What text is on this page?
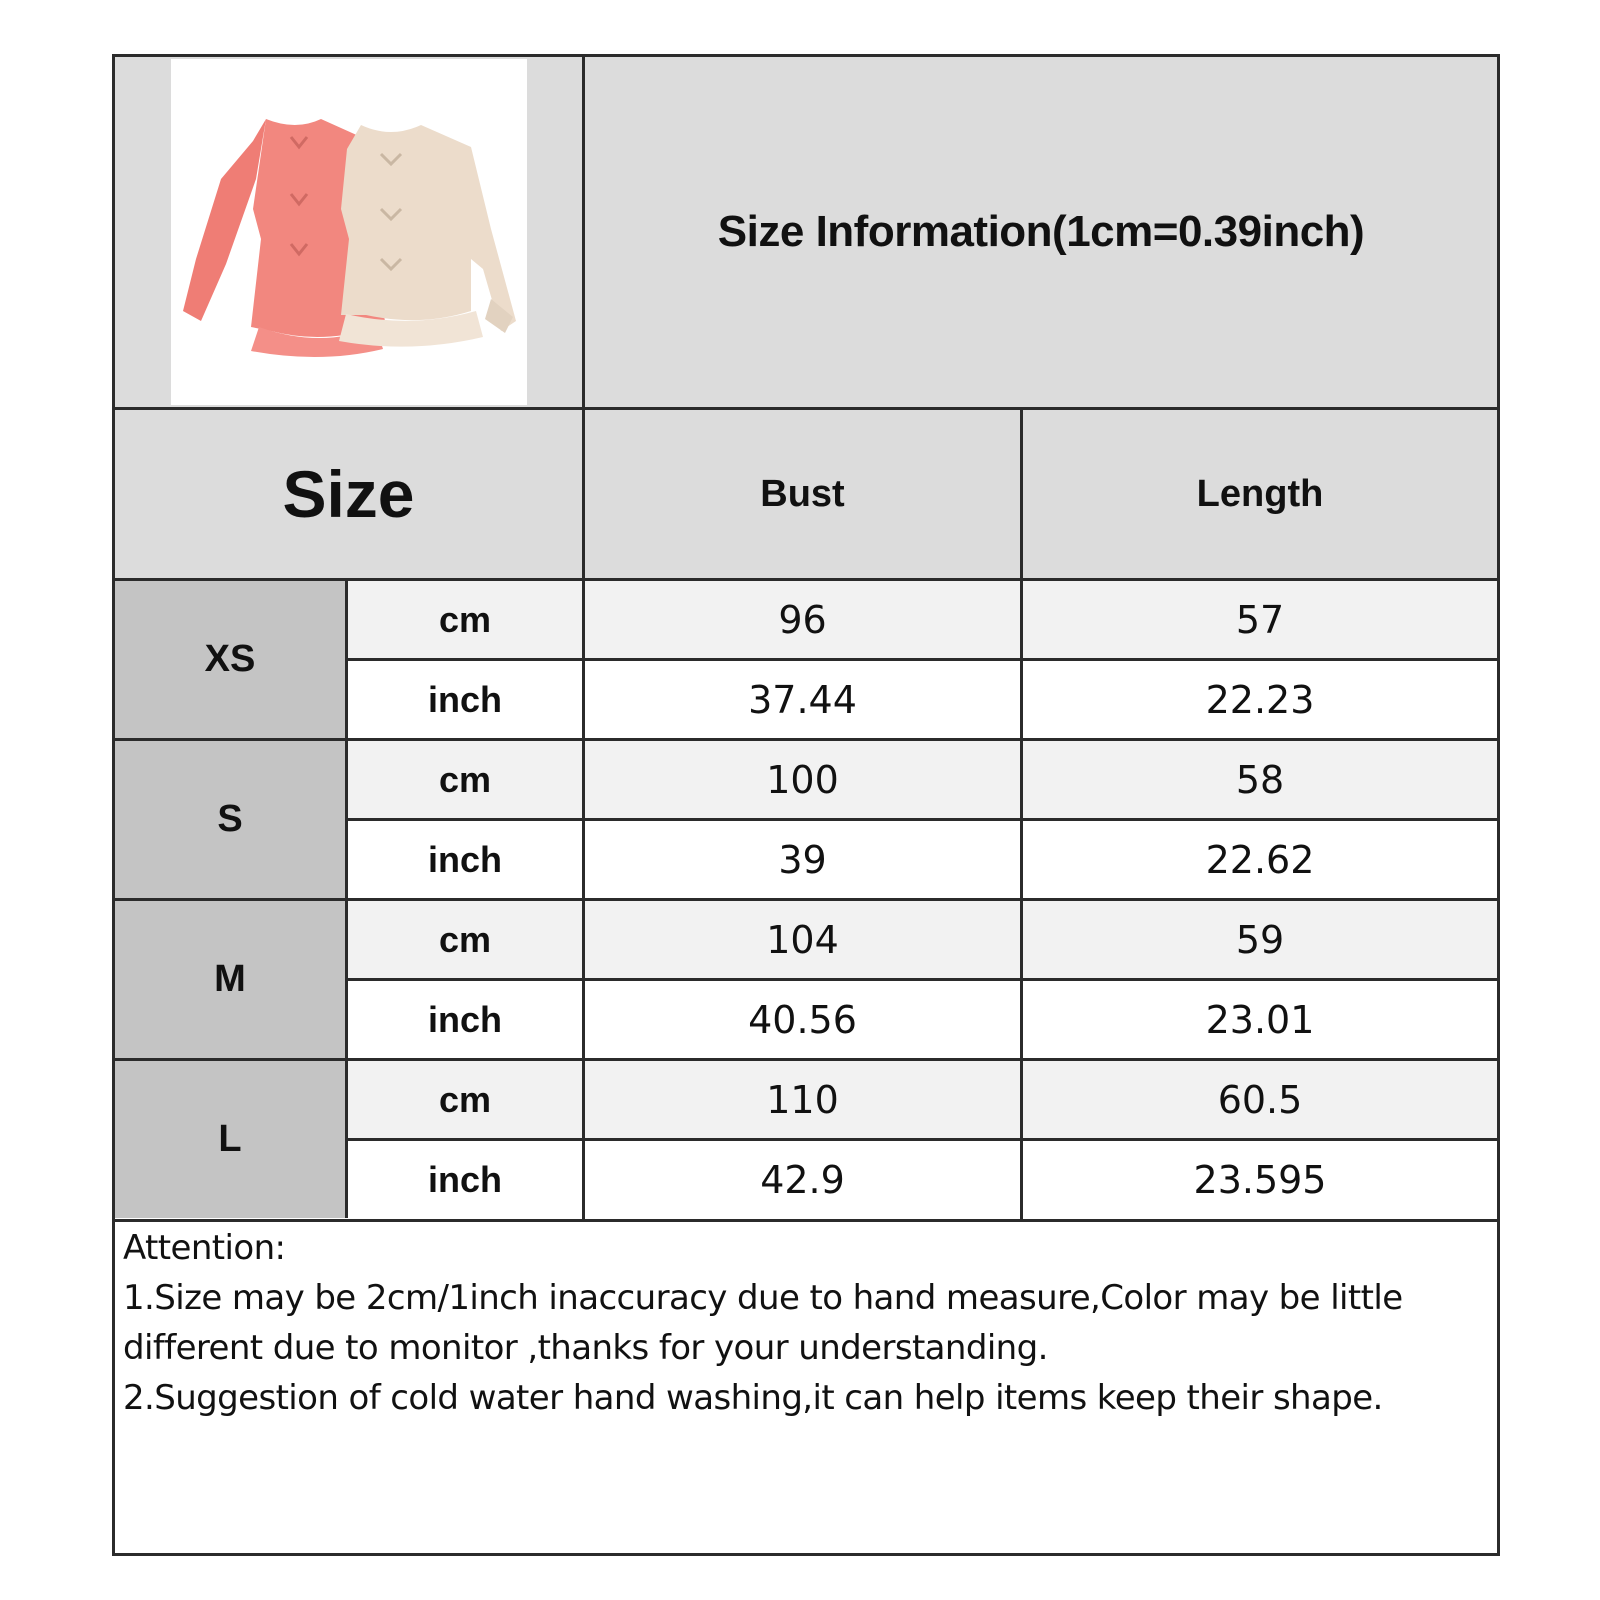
Size Information(1cm=0.39inch)
Size	Bust	Length
Attention:
1.Size may be 2cm/1inch inaccuracy due to hand measure,Color may be little different due to monitor ,thanks for your understanding.
2.Suggestion of cold water hand washing,it can help items keep their shape.
XS
cm	96	57
inch	37.44	22.23
S
cm	100	58
inch	39	22.62
M
cm	104	59
inch	40.56	23.01
L
cm	110	60.5
inch	42.9	23.595
